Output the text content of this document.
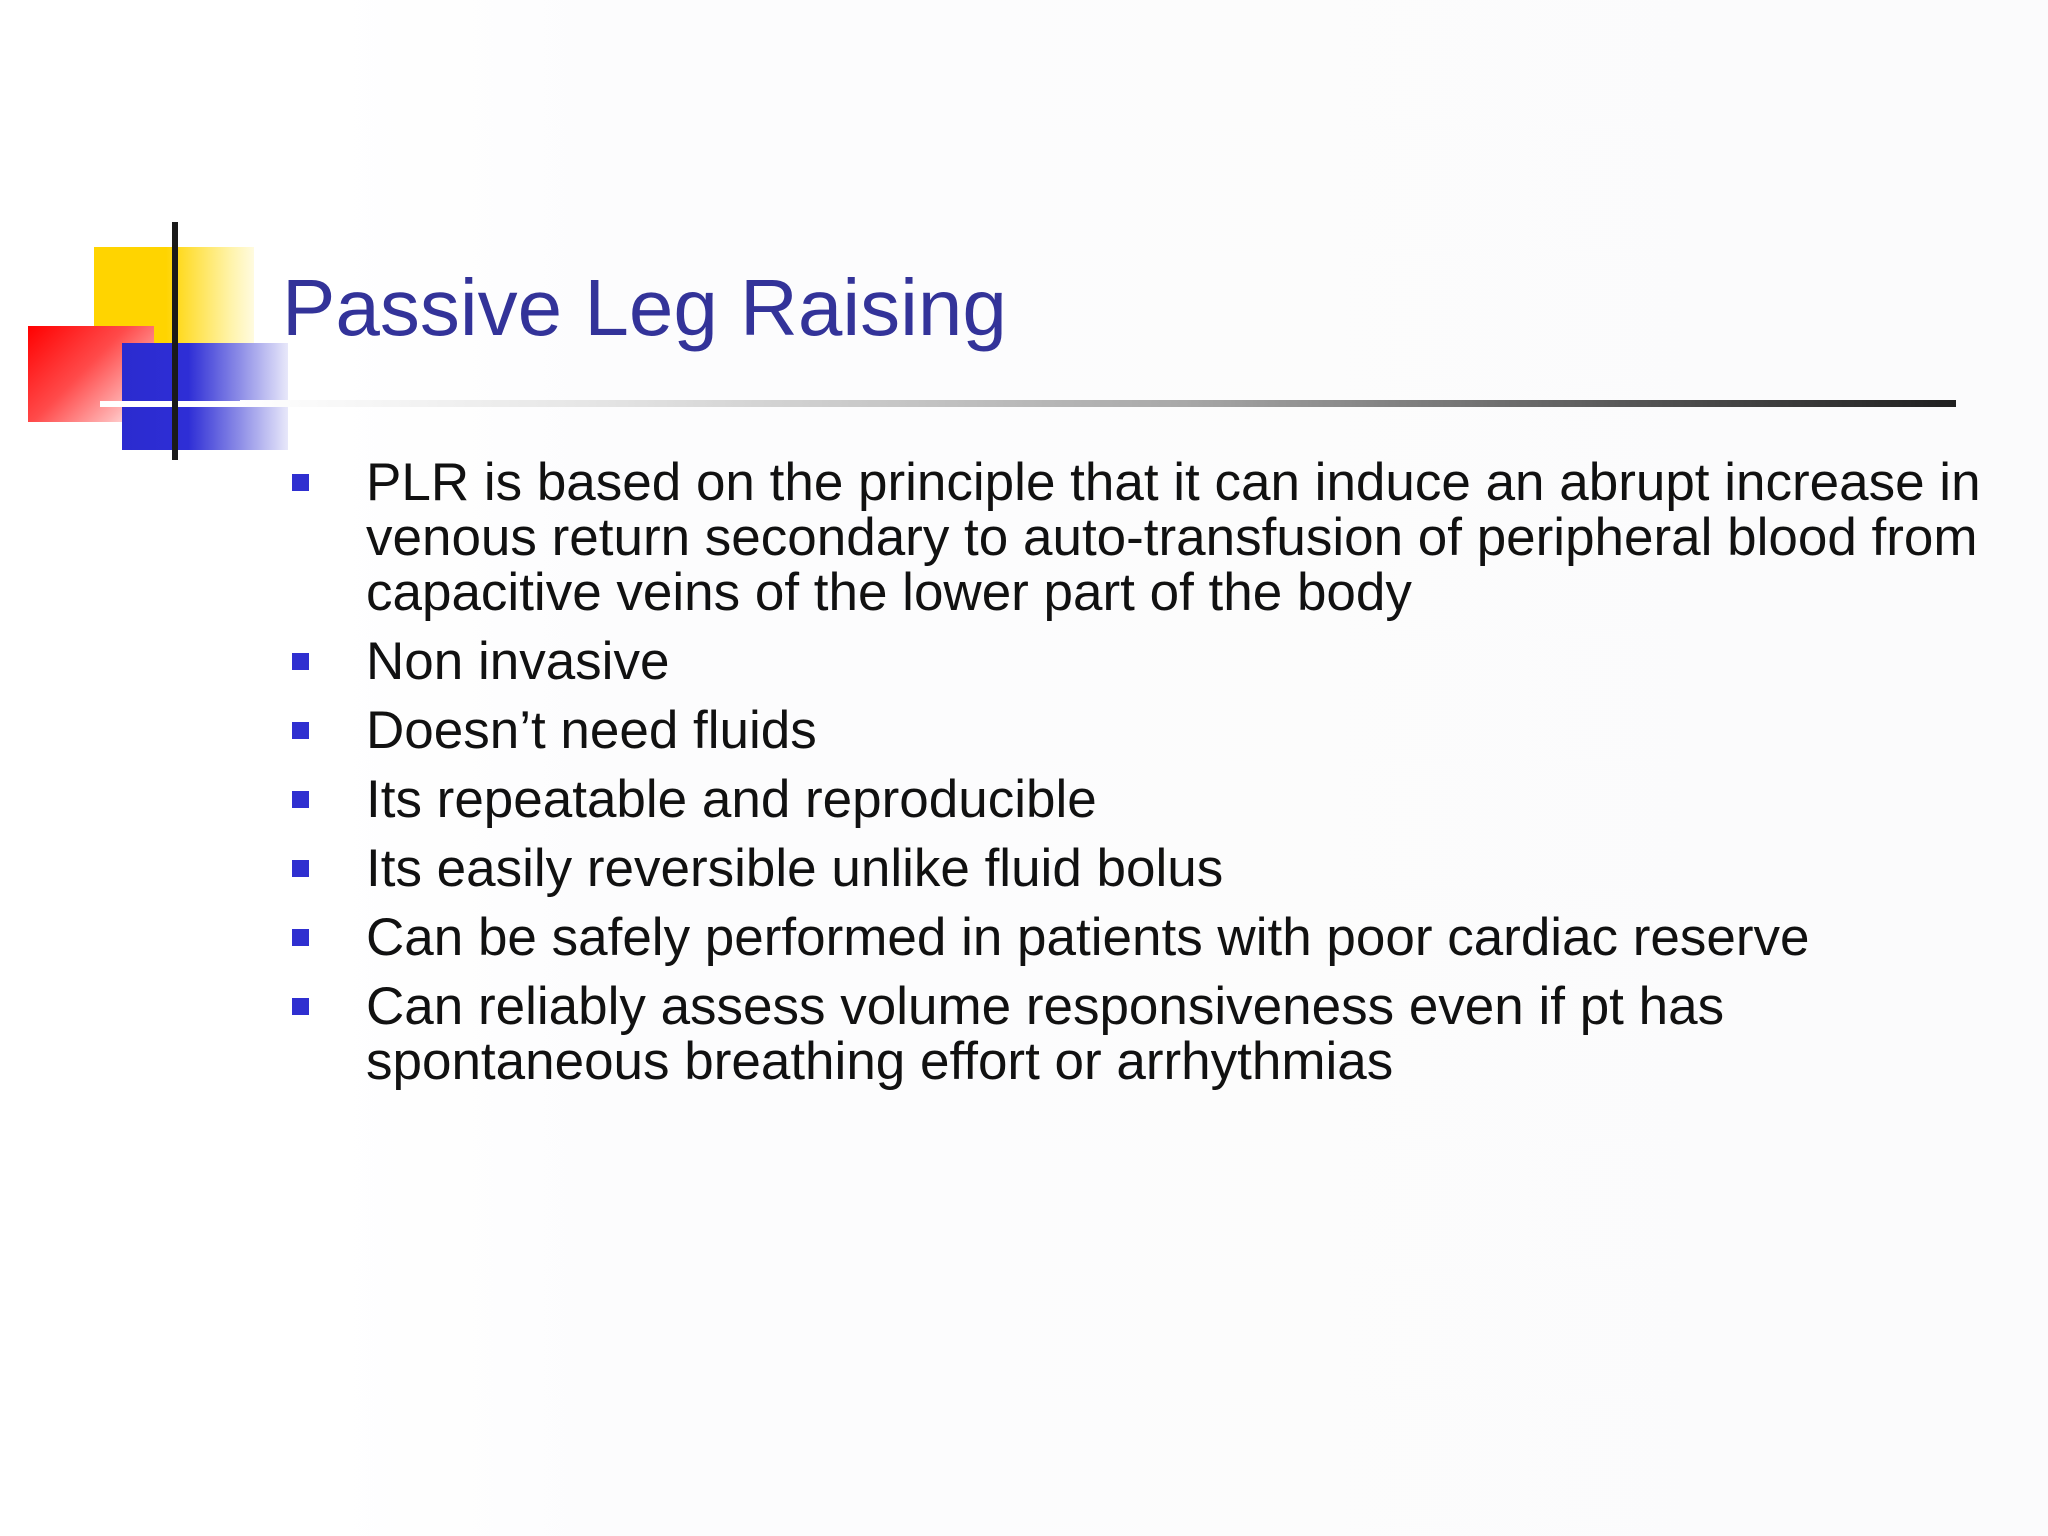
Passive Leg Raising
PLR is based on the principle that it can induce an abrupt increase in venous return secondary to auto-transfusion of peripheral blood from capacitive veins of the lower part of the body
Non invasive
Doesn’t need fluids
Its repeatable and reproducible
Its easily reversible unlike fluid bolus
Can be safely performed in patients with poor cardiac reserve
Can reliably assess volume responsiveness even if pt has spontaneous breathing effort or arrhythmias
